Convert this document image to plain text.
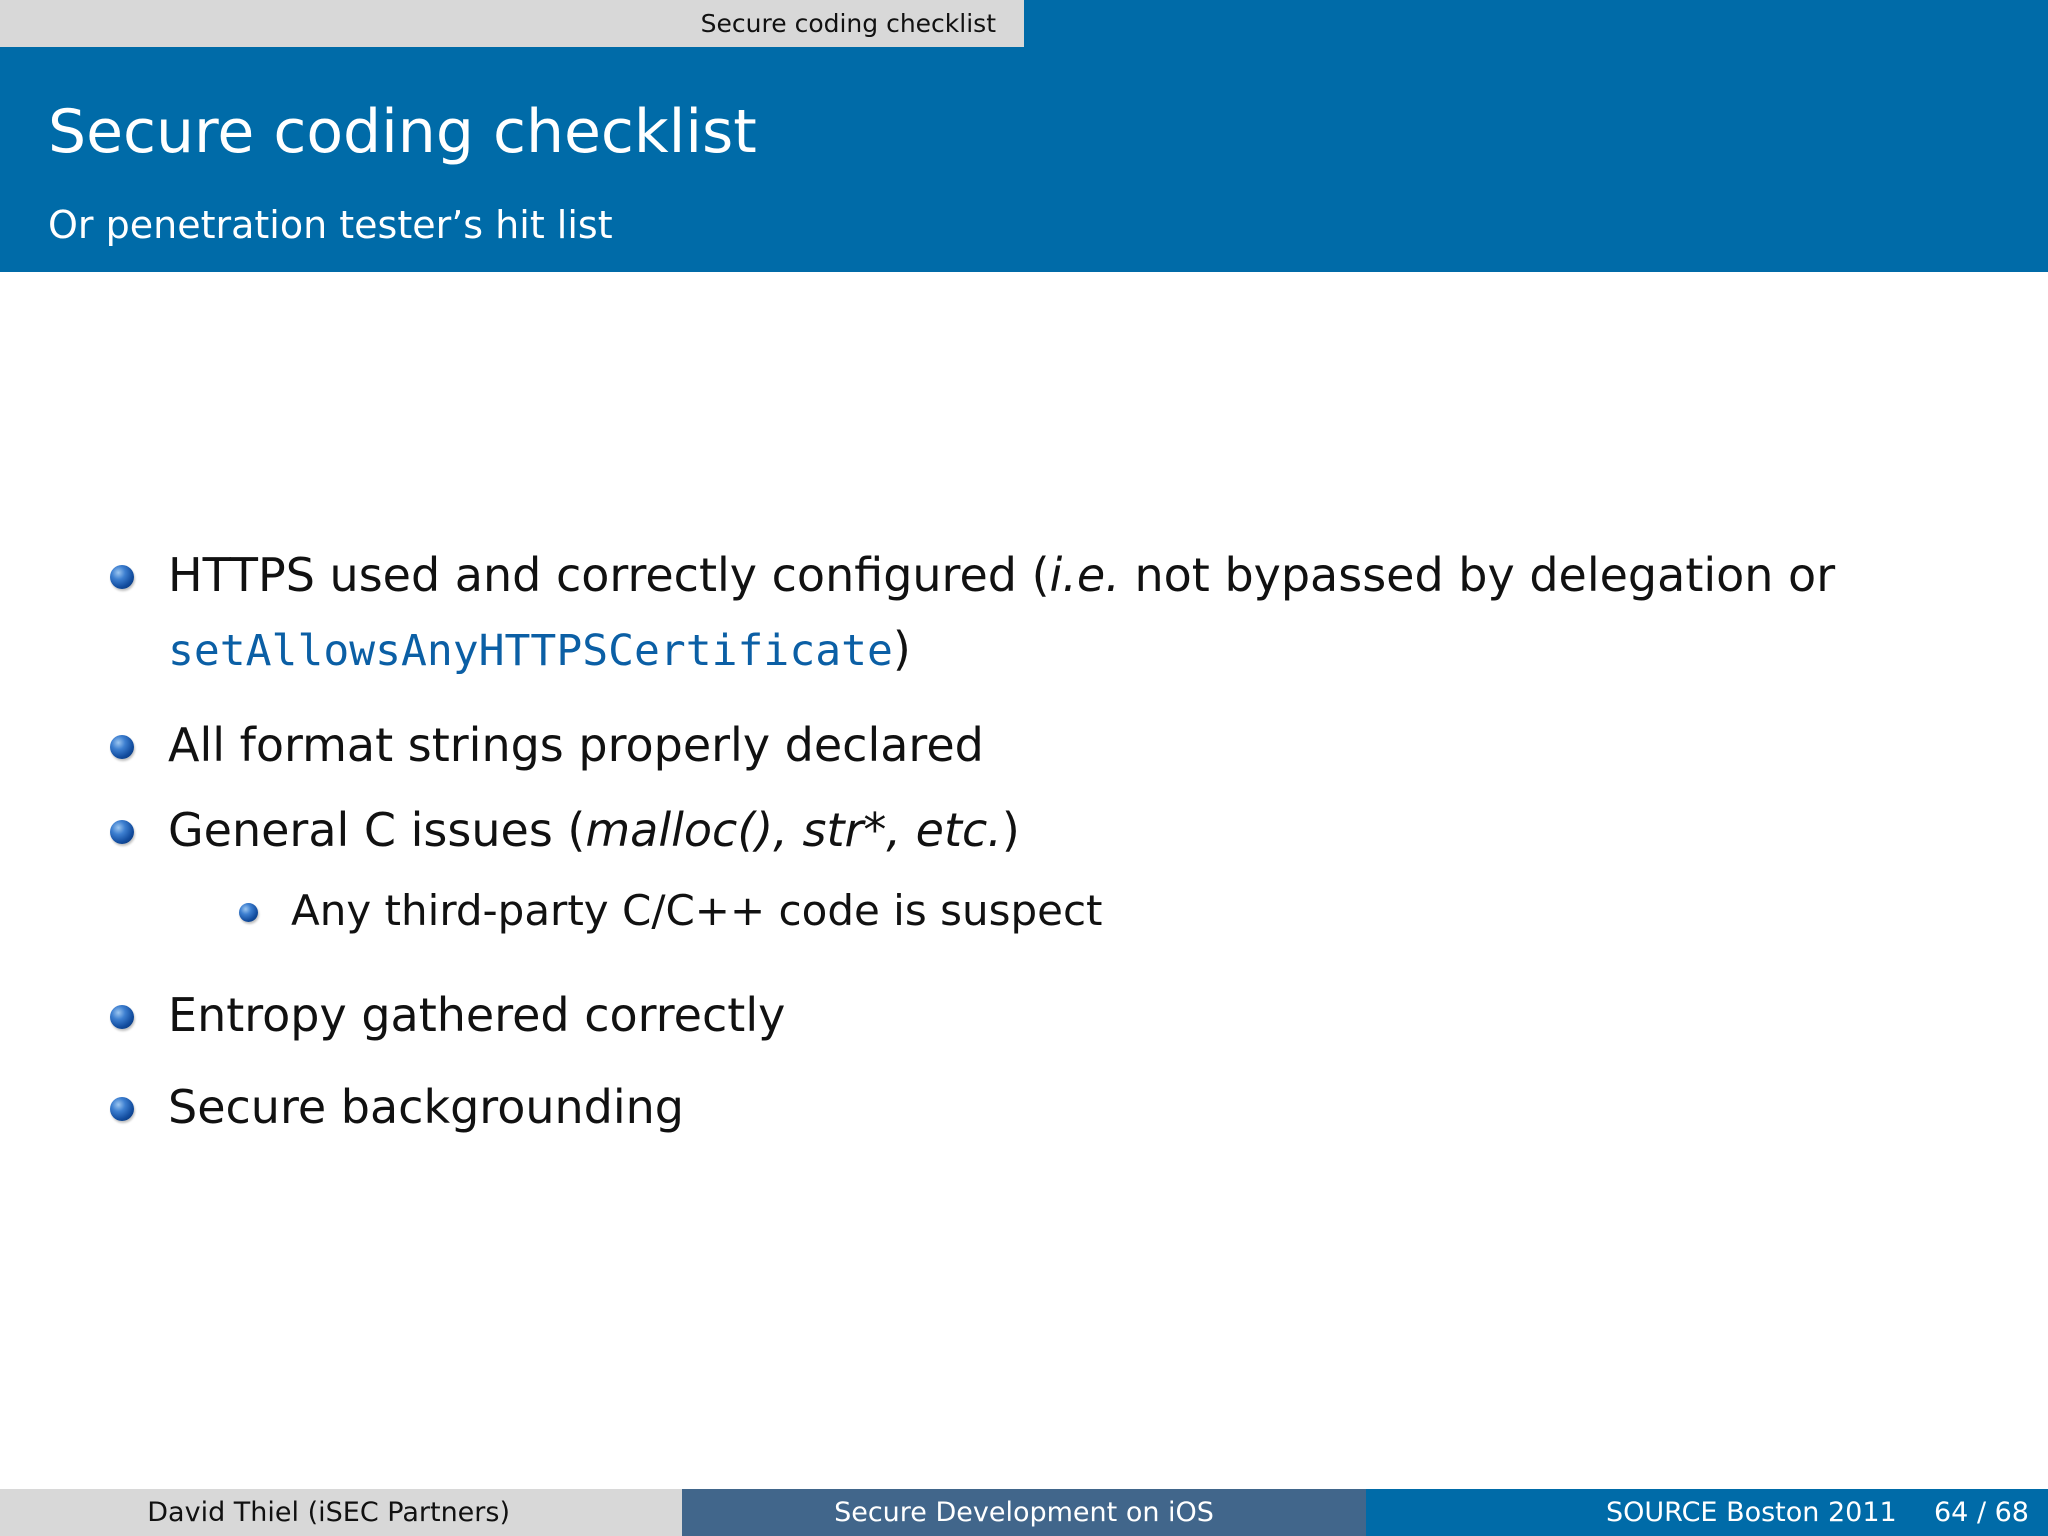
Secure coding checklist
Secure coding checklist
Or penetration tester’s hit list
HTTPS used and correctly configured (i.e. not bypassed by delegation or
setAllowsAnyHTTPSCertificate)
All format strings properly declared
General C issues (malloc(), str*, etc.)
Any third-party C/C++ code is suspect
Entropy gathered correctly
Secure backgrounding
David Thiel (iSEC Partners)	Secure Development on iOS	SOURCE Boston 2011 64 / 68
